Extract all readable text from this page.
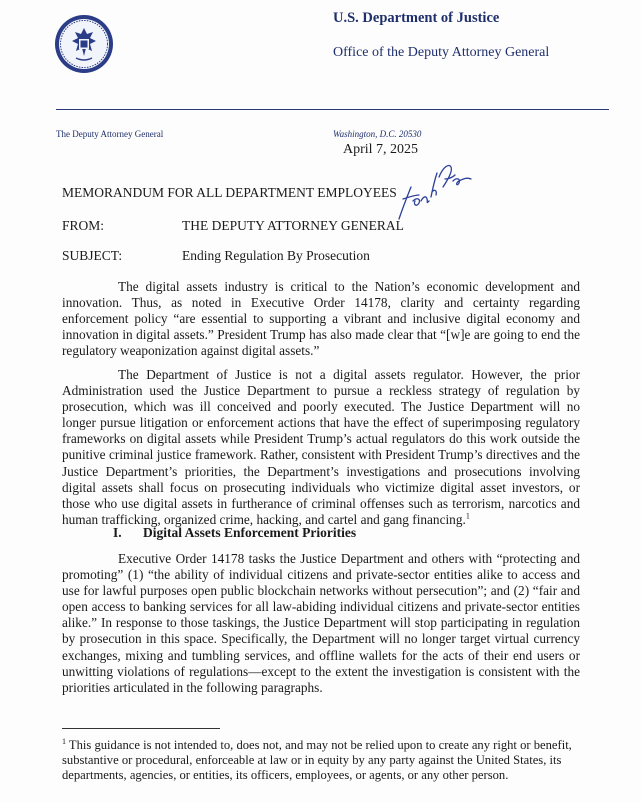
U.S. Department of Justice
Office of the Deputy Attorney General
The Deputy Attorney General	Washington, D.C. 20530
April 7, 2025
MEMORANDUM FOR ALL DEPARTMENT EMPLOYEES
FROM:	THE DEPUTY ATTORNEY GENERAL
SUBJECT:	Ending Regulation By Prosecution

The digital assets industry is critical to the Nation’s economic development and innovation. Thus, as noted in Executive Order 14178, clarity and certainty regarding enforcement policy “are essential to supporting a vibrant and inclusive digital economy and innovation in digital assets.” President Trump has also made clear that “[w]e are going to end the regulatory weaponization against digital assets.”

The Department of Justice is not a digital assets regulator. However, the prior Administration used the Justice Department to pursue a reckless strategy of regulation by prosecution, which was ill conceived and poorly executed. The Justice Department will no longer pursue litigation or enforcement actions that have the effect of superimposing regulatory frameworks on digital assets while President Trump’s actual regulators do this work outside the punitive criminal justice framework. Rather, consistent with President Trump’s directives and the Justice Department’s priorities, the Department’s investigations and prosecutions involving digital assets shall focus on prosecuting individuals who victimize digital asset investors, or those who use digital assets in furtherance of criminal offenses such as terrorism, narcotics and human trafficking, organized crime, hacking, and cartel and gang financing.$^1$

I. Digital Assets Enforcement Priorities

Executive Order 14178 tasks the Justice Department and others with “protecting and promoting” (1) “the ability of individual citizens and private-sector entities alike to access and use for lawful purposes open public blockchain networks without persecution”; and (2) “fair and open access to banking services for all law-abiding individual citizens and private-sector entities alike.” In response to those taskings, the Justice Department will stop participating in regulation by prosecution in this space. Specifically, the Department will no longer target virtual currency exchanges, mixing and tumbling services, and offline wallets for the acts of their end users or unwitting violations of regulations—except to the extent the investigation is consistent with the priorities articulated in the following paragraphs.

$^1$ This guidance is not intended to, does not, and may not be relied upon to create any right or benefit, substantive or procedural, enforceable at law or in equity by any party against the United States, its departments, agencies, or entities, its officers, employees, or agents, or any other person.
